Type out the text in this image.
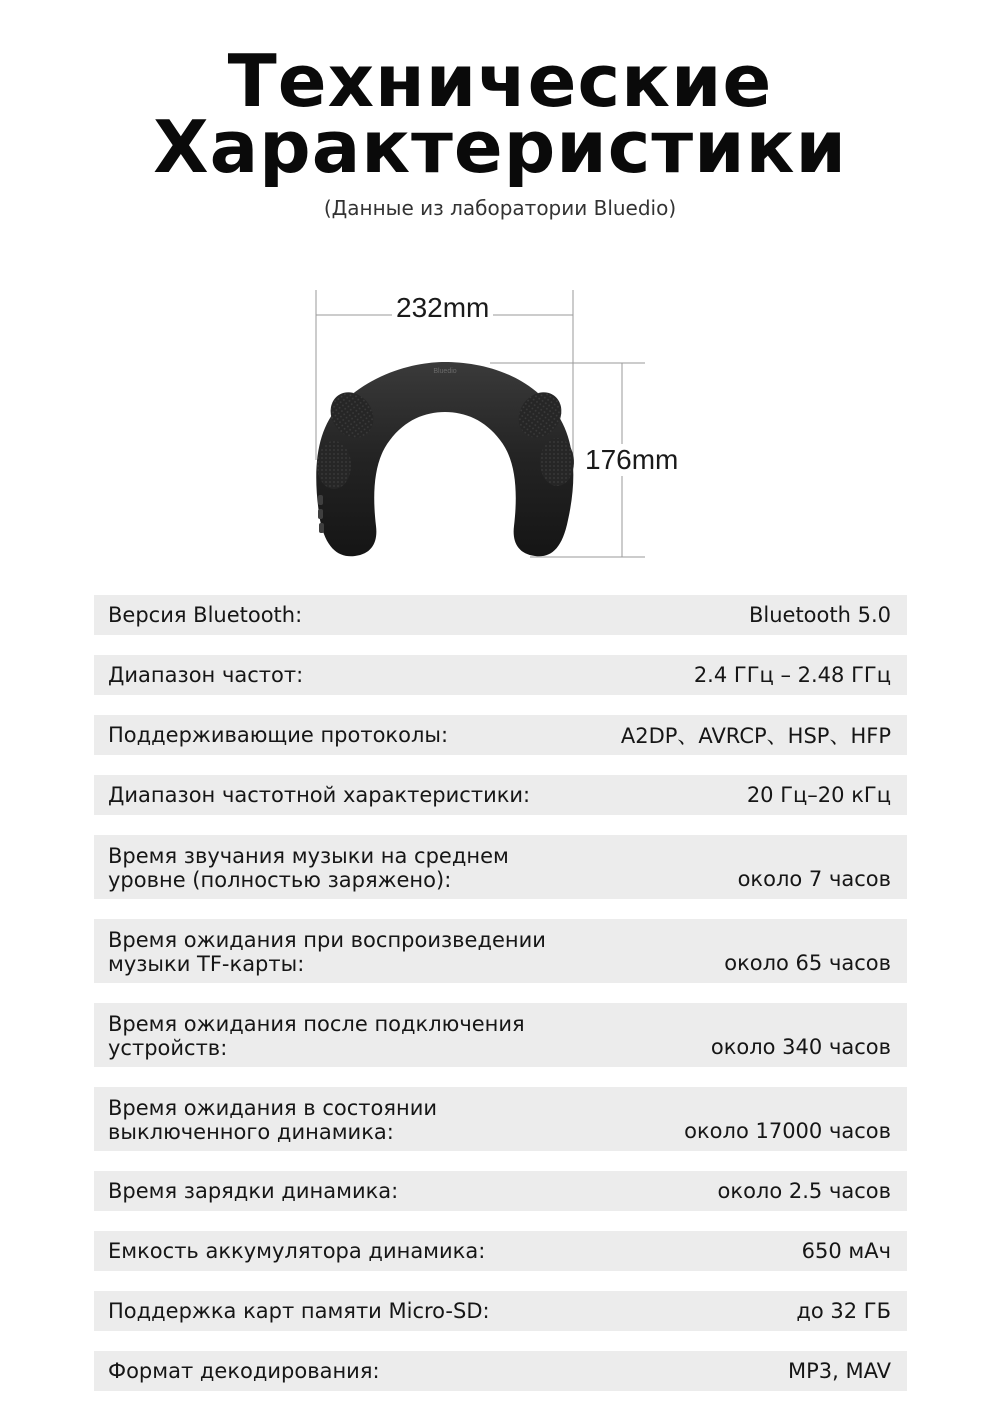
Технические
Характеристики
(Данные из лаборатории Bluedio)
Bluedio
232mm
176mm
Версия Bluetooth:	Bluetooth 5.0
Диапазон частот:	2.4 ГГц – 2.48 ГГц
Поддерживающие протоколы:	A2DP、AVRCP、HSP、HFP
Диапазон частотной характеристики:	20 Гц–20 кГц
Время звучания музыки на среднем уровне (полностью заряжено):	около 7 часов
Время ожидания при воспроизведении музыки TF-карты:	около 65 часов
Время ожидания после подключения устройств:	около 340 часов
Время ожидания в состоянии выключенного динамика:	около 17000 часов
Время зарядки динамика:	около 2.5 часов
Емкость аккумулятора динамика:	650 мАч
Поддержка карт памяти Micro-SD:	до 32 ГБ
Формат декодирования:	MP3, MAV
